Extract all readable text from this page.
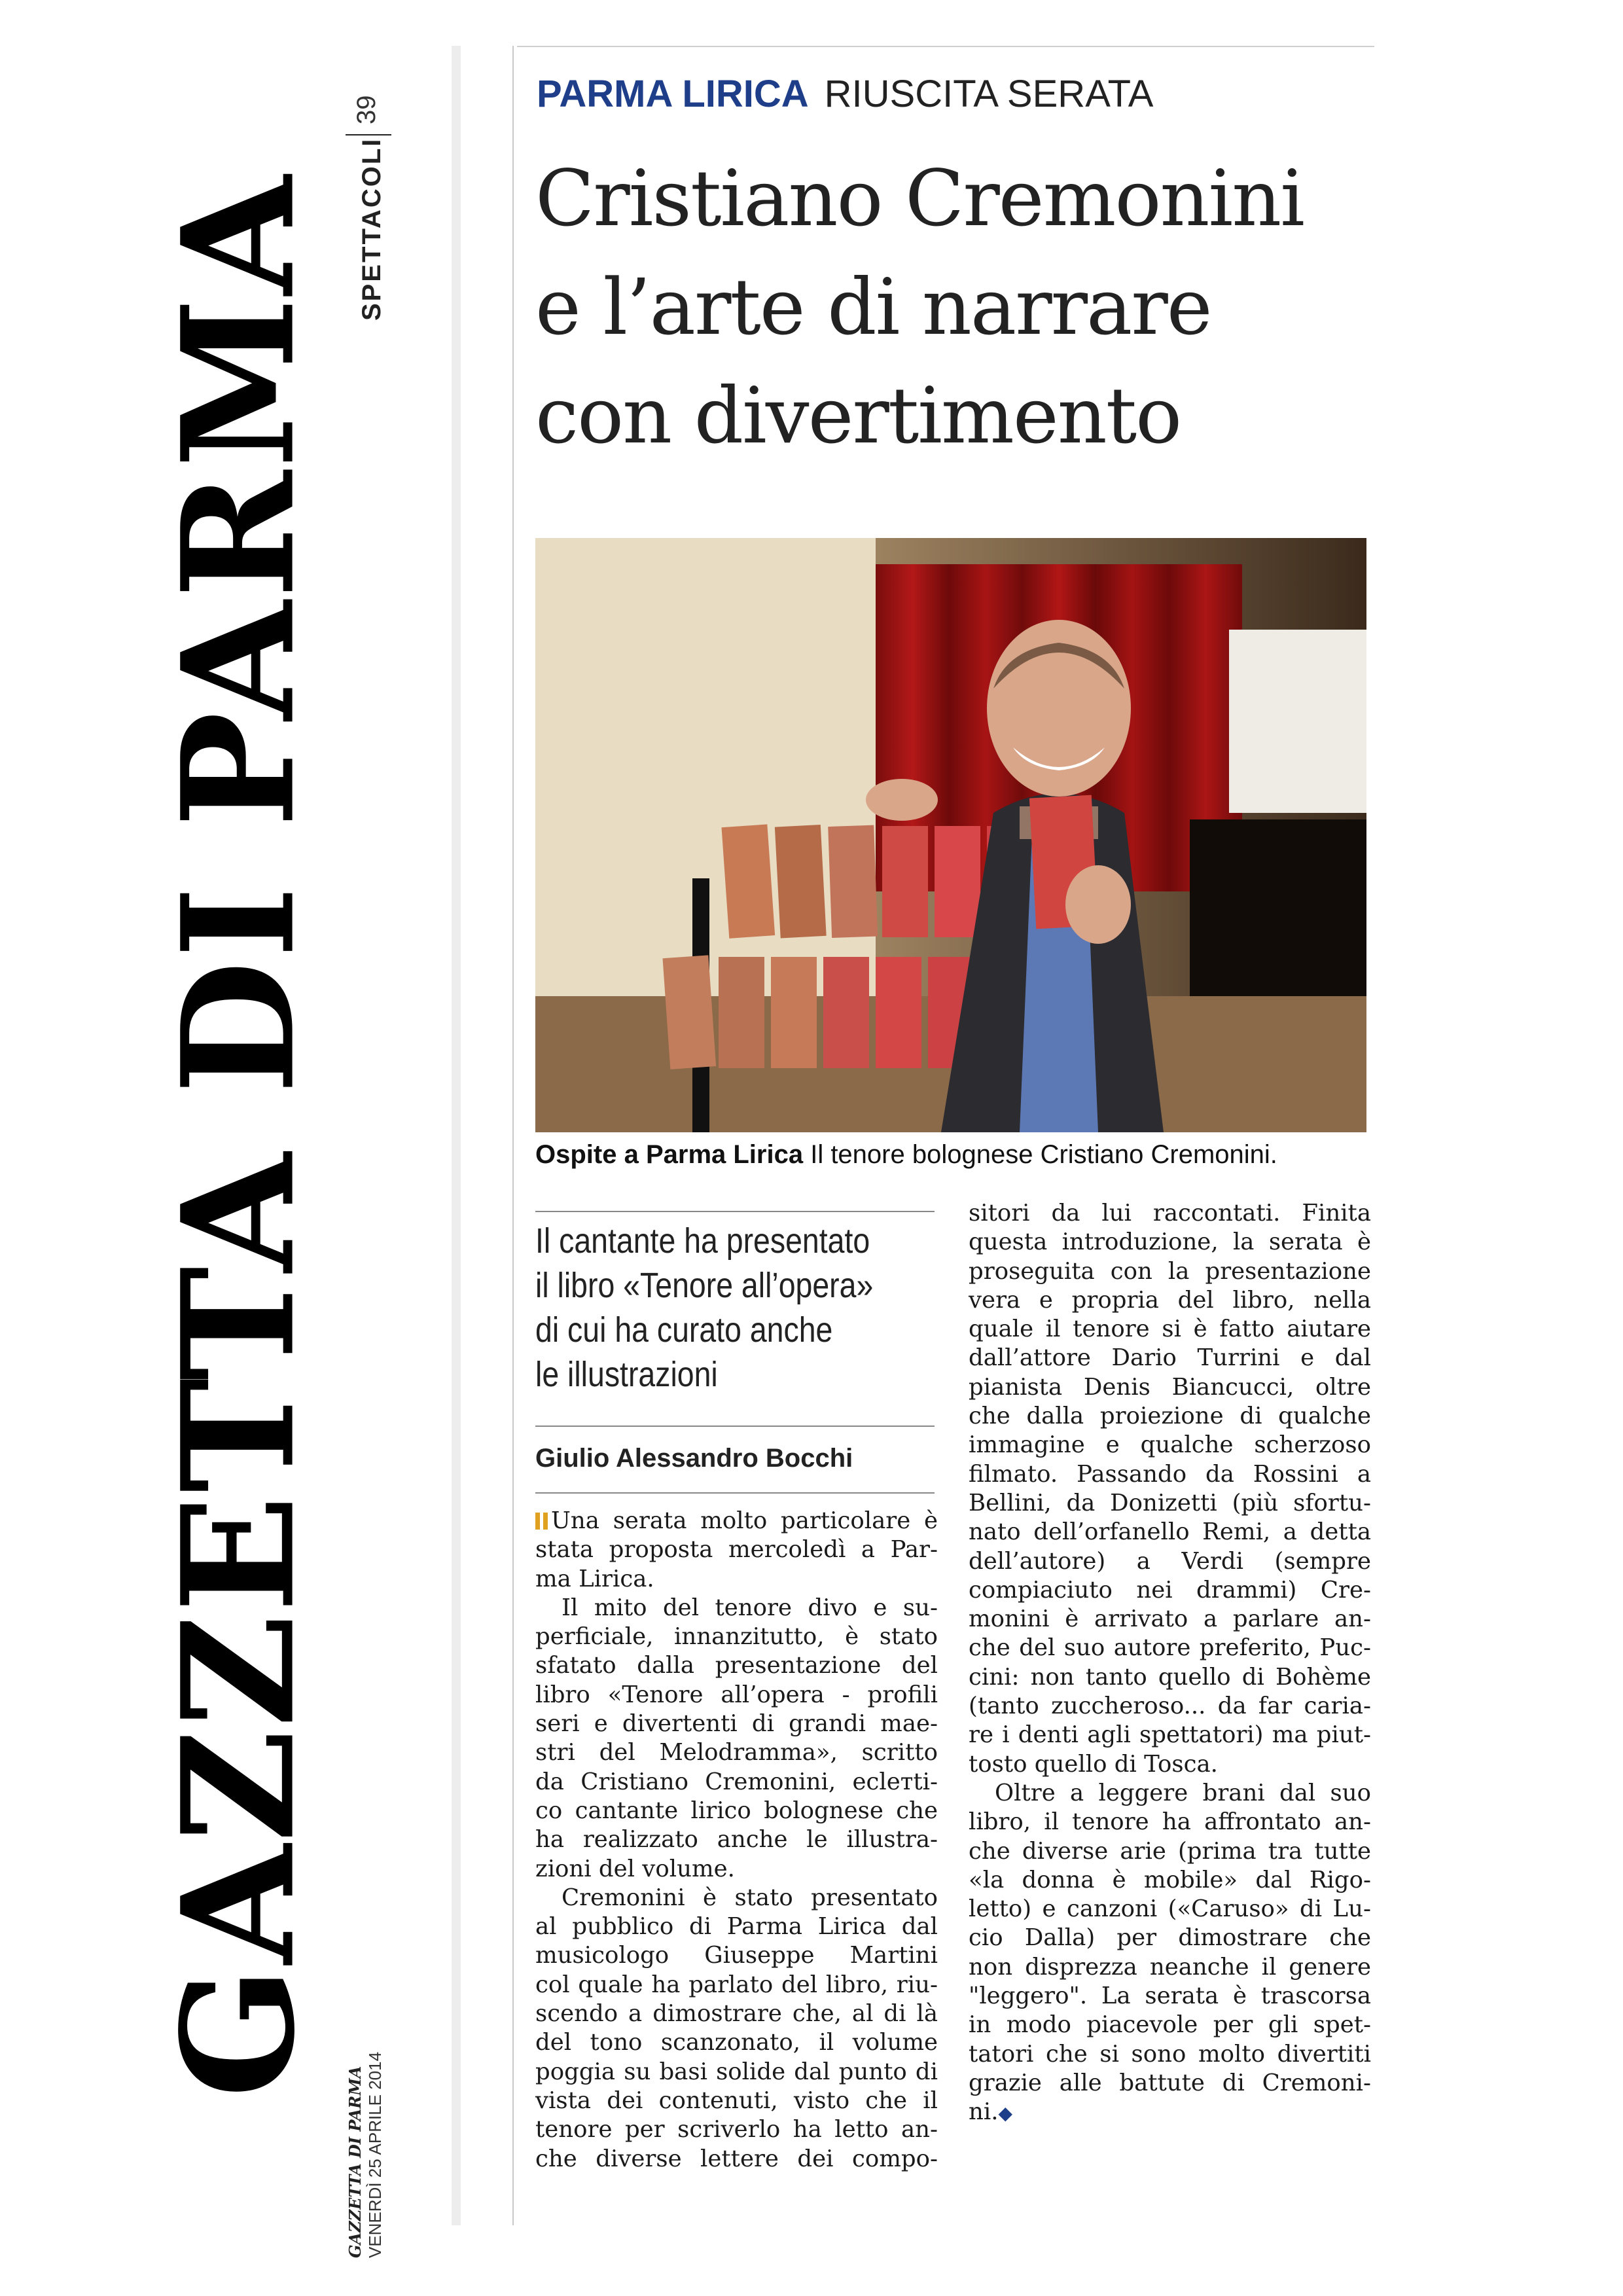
GAZZETTA DI PARMA
39
SPETTACOLI
GAZZETTA DI PARMA VENERDÌ 25 APRILE 2014
PARMA LIRICA RIUSCITA SERATA
Cristiano Cremonini
e l’arte di narrare
con divertimento
Ospite a Parma Lirica Il tenore bolognese Cristiano Cremonini.
Il cantante ha presentato
il libro «Tenore all’opera»
di cui ha curato anche
le illustrazioni
Giulio Alessandro Bocchi
Una serata molto particolare è
stata proposta mercoledì a Par-
ma Lirica.
Il mito del tenore divo e su-
perficiale, innanzitutto, è stato
sfatato dalla presentazione del
libro «Tenore all’opera - profili
seri e divertenti di grandi mae-
stri del Melodramma», scritto
da Cristiano Cremonini, eclетti-
co cantante lirico bolognese che
ha realizzato anche le illustra-
zioni del volume.
Cremonini è stato presentato
al pubblico di Parma Lirica dal
musicologo Giuseppe Martini
col quale ha parlato del libro, riu-
scendo a dimostrare che, al di là
del tono scanzonato, il volume
poggia su basi solide dal punto di
vista dei contenuti, visto che il
tenore per scriverlo ha letto an-
che diverse lettere dei compo-
sitori da lui raccontati. Finita
questa introduzione, la serata è
proseguita con la presentazione
vera e propria del libro, nella
quale il tenore si è fatto aiutare
dall’attore Dario Turrini e dal
pianista Denis Biancucci, oltre
che dalla proiezione di qualche
immagine e qualche scherzoso
filmato. Passando da Rossini a
Bellini, da Donizetti (più sfortu-
nato dell’orfanello Remi, a detta
dell’autore) a Verdi (sempre
compiaciuto nei drammi) Cre-
monini è arrivato a parlare an-
che del suo autore preferito, Puc-
cini: non tanto quello di Bohème
(tanto zuccheroso... da far caria-
re i denti agli spettatori) ma piut-
tosto quello di Tosca.
Oltre a leggere brani dal suo
libro, il tenore ha affrontato an-
che diverse arie (prima tra tutte
«la donna è mobile» dal Rigo-
letto) e canzoni («Caruso» di Lu-
cio Dalla) per dimostrare che
non disprezza neanche il genere
"leggero". La serata è trascorsa
in modo piacevole per gli spet-
tatori che si sono molto divertiti
grazie alle battute di Cremoni-
ni.◆
